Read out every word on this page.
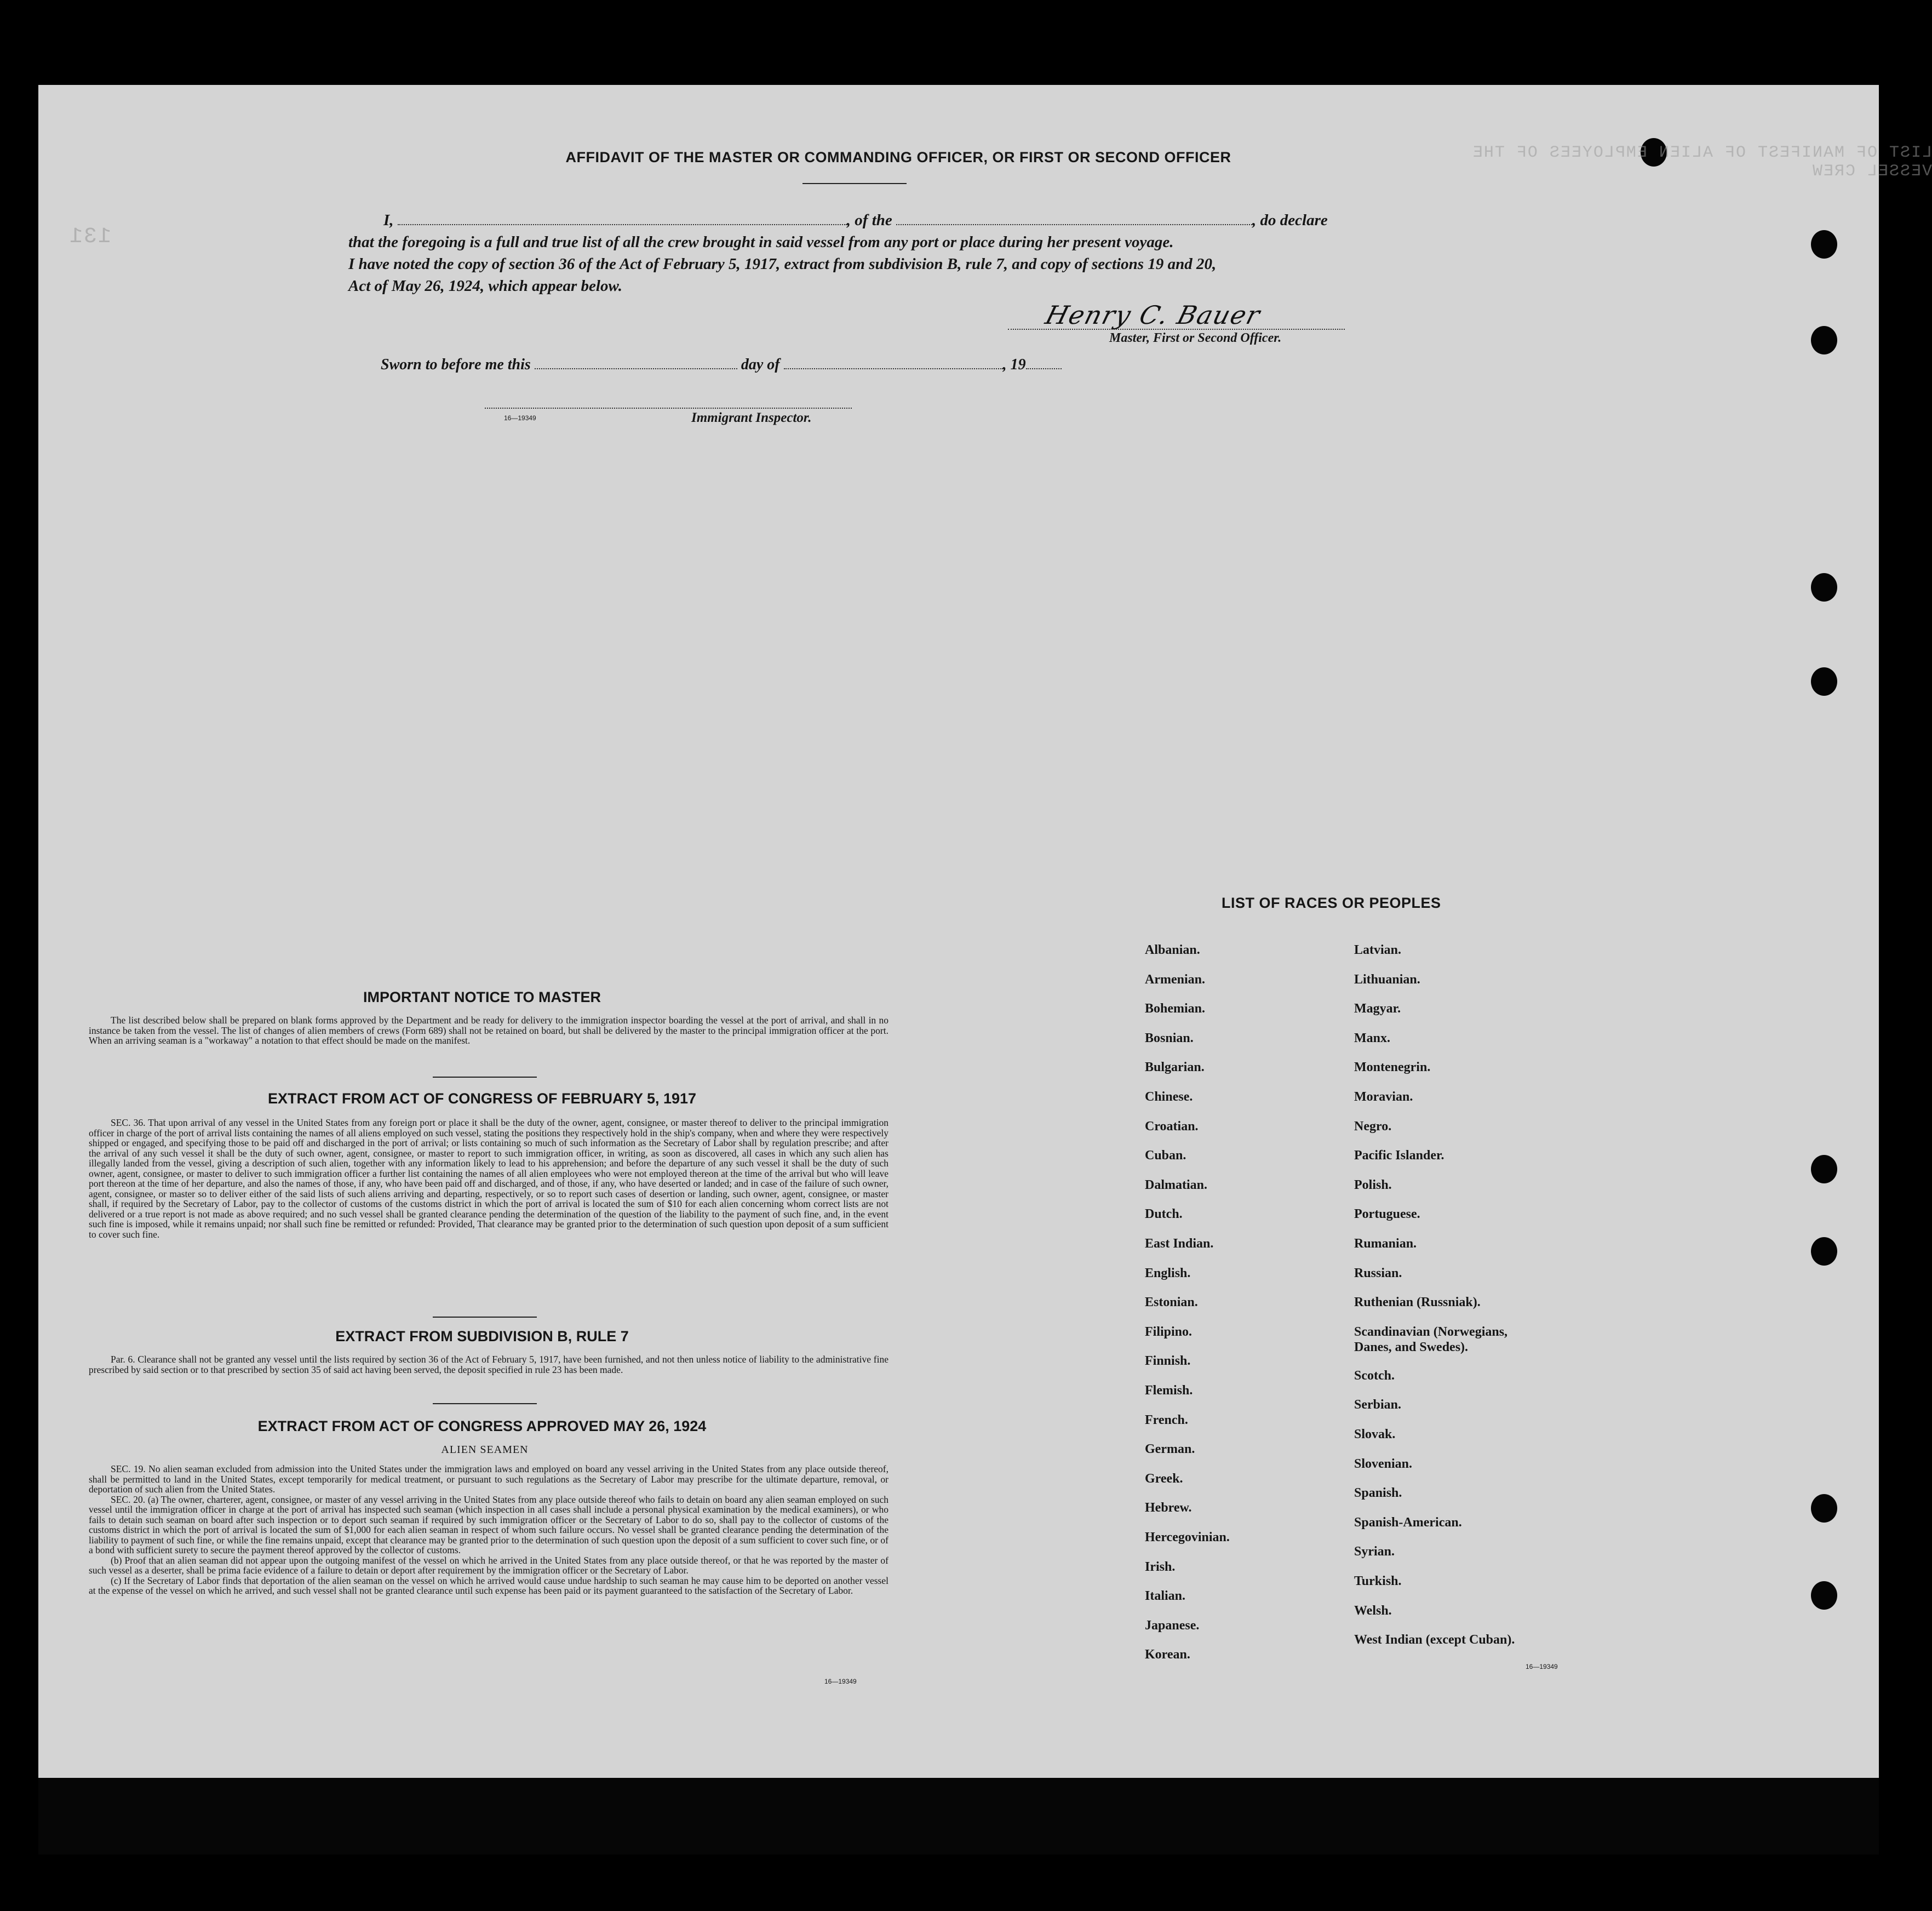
LIST OF MANIFEST OF ALIEN EMPLOYEES OF THE VESSEL CREW
131
AFFIDAVIT OF THE MASTER OR COMMANDING OFFICER, OR FIRST OR SECOND OFFICER
I,	, of the	, do declare
that the foregoing is a full and true list of all the crew brought in said vessel from any port or place during her present voyage.
I have noted the copy of section 36 of the Act of February 5, 1917, extract from subdivision B, rule 7, and copy of sections 19 and 20,
Act of May 26, 1924, which appear below.
Henry C. Bauer
Master, First or Second Officer.
Sworn to before me this	day of	, 19
16—19349	Immigrant Inspector.
IMPORTANT NOTICE TO MASTER

The list described below shall be prepared on blank forms approved by the Department and be ready for delivery to the immigration inspector boarding the vessel at the port of arrival, and shall in no instance be taken from the vessel. The list of changes of alien members of crews (Form 689) shall not be retained on board, but shall be delivered by the master to the principal immigration officer at the port. When an arriving seaman is a "workaway" a notation to that effect should be made on the manifest.

EXTRACT FROM ACT OF CONGRESS OF FEBRUARY 5, 1917

SEC. 36. That upon arrival of any vessel in the United States from any foreign port or place it shall be the duty of the owner, agent, consignee, or master thereof to deliver to the principal immigration officer in charge of the port of arrival lists containing the names of all aliens employed on such vessel, stating the positions they respectively hold in the ship's company, when and where they were respectively shipped or engaged, and specifying those to be paid off and discharged in the port of arrival; or lists containing so much of such information as the Secretary of Labor shall by regulation prescribe; and after the arrival of any such vessel it shall be the duty of such owner, agent, consignee, or master to report to such immigration officer, in writing, as soon as discovered, all cases in which any such alien has illegally landed from the vessel, giving a description of such alien, together with any information likely to lead to his apprehension; and before the departure of any such vessel it shall be the duty of such owner, agent, consignee, or master to deliver to such immigration officer a further list containing the names of all alien employees who were not employed thereon at the time of the arrival but who will leave port thereon at the time of her departure, and also the names of those, if any, who have been paid off and discharged, and of those, if any, who have deserted or landed; and in case of the failure of such owner, agent, consignee, or master so to deliver either of the said lists of such aliens arriving and departing, respectively, or so to report such cases of desertion or landing, such owner, agent, consignee, or master shall, if required by the Secretary of Labor, pay to the collector of customs of the customs district in which the port of arrival is located the sum of $10 for each alien concerning whom correct lists are not delivered or a true report is not made as above required; and no such vessel shall be granted clearance pending the determination of the question of the liability to the payment of such fine, and, in the event such fine is imposed, while it remains unpaid; nor shall such fine be remitted or refunded: Provided, That clearance may be granted prior to the determination of such question upon deposit of a sum sufficient to cover such fine.

EXTRACT FROM SUBDIVISION B, RULE 7

Par. 6. Clearance shall not be granted any vessel until the lists required by section 36 of the Act of February 5, 1917, have been furnished, and not then unless notice of liability to the administrative fine prescribed by said section or to that prescribed by section 35 of said act having been served, the deposit specified in rule 23 has been made.

EXTRACT FROM ACT OF CONGRESS APPROVED MAY 26, 1924
ALIEN SEAMEN

SEC. 19. No alien seaman excluded from admission into the United States under the immigration laws and employed on board any vessel arriving in the United States from any place outside thereof, shall be permitted to land in the United States, except temporarily for medical treatment, or pursuant to such regulations as the Secretary of Labor may prescribe for the ultimate departure, removal, or deportation of such alien from the United States.

SEC. 20. (a) The owner, charterer, agent, consignee, or master of any vessel arriving in the United States from any place outside thereof who fails to detain on board any alien seaman employed on such vessel until the immigration officer in charge at the port of arrival has inspected such seaman (which inspection in all cases shall include a personal physical examination by the medical examiners), or who fails to detain such seaman on board after such inspection or to deport such seaman if required by such immigration officer or the Secretary of Labor to do so, shall pay to the collector of customs of the customs district in which the port of arrival is located the sum of $1,000 for each alien seaman in respect of whom such failure occurs. No vessel shall be granted clearance pending the determination of the liability to payment of such fine, or while the fine remains unpaid, except that clearance may be granted prior to the determination of such question upon the deposit of a sum sufficient to cover such fine, or of a bond with sufficient surety to secure the payment thereof approved by the collector of customs.

(b) Proof that an alien seaman did not appear upon the outgoing manifest of the vessel on which he arrived in the United States from any place outside thereof, or that he was reported by the master of such vessel as a deserter, shall be prima facie evidence of a failure to detain or deport after requirement by the immigration officer or the Secretary of Labor.

(c) If the Secretary of Labor finds that deportation of the alien seaman on the vessel on which he arrived would cause undue hardship to such seaman he may cause him to be deported on another vessel at the expense of the vessel on which he arrived, and such vessel shall not be granted clearance until such expense has been paid or its payment guaranteed to the satisfaction of the Secretary of Labor.

16—19349
LIST OF RACES OR PEOPLES
Albanian.
Armenian.
Bohemian.
Bosnian.
Bulgarian.
Chinese.
Croatian.
Cuban.
Dalmatian.
Dutch.
East Indian.
English.
Estonian.
Filipino.
Finnish.
Flemish.
French.
German.
Greek.
Hebrew.
Hercegovinian.
Irish.
Italian.
Japanese.
Korean.
Latvian.
Lithuanian.
Magyar.
Manx.
Montenegrin.
Moravian.
Negro.
Pacific Islander.
Polish.
Portuguese.
Rumanian.
Russian.
Ruthenian (Russniak).
Scandinavian (Norwegians, Danes, and Swedes).
Scotch.
Serbian.
Slovak.
Slovenian.
Spanish.
Spanish-American.
Syrian.
Turkish.
Welsh.
West Indian (except Cuban).
16—19349
